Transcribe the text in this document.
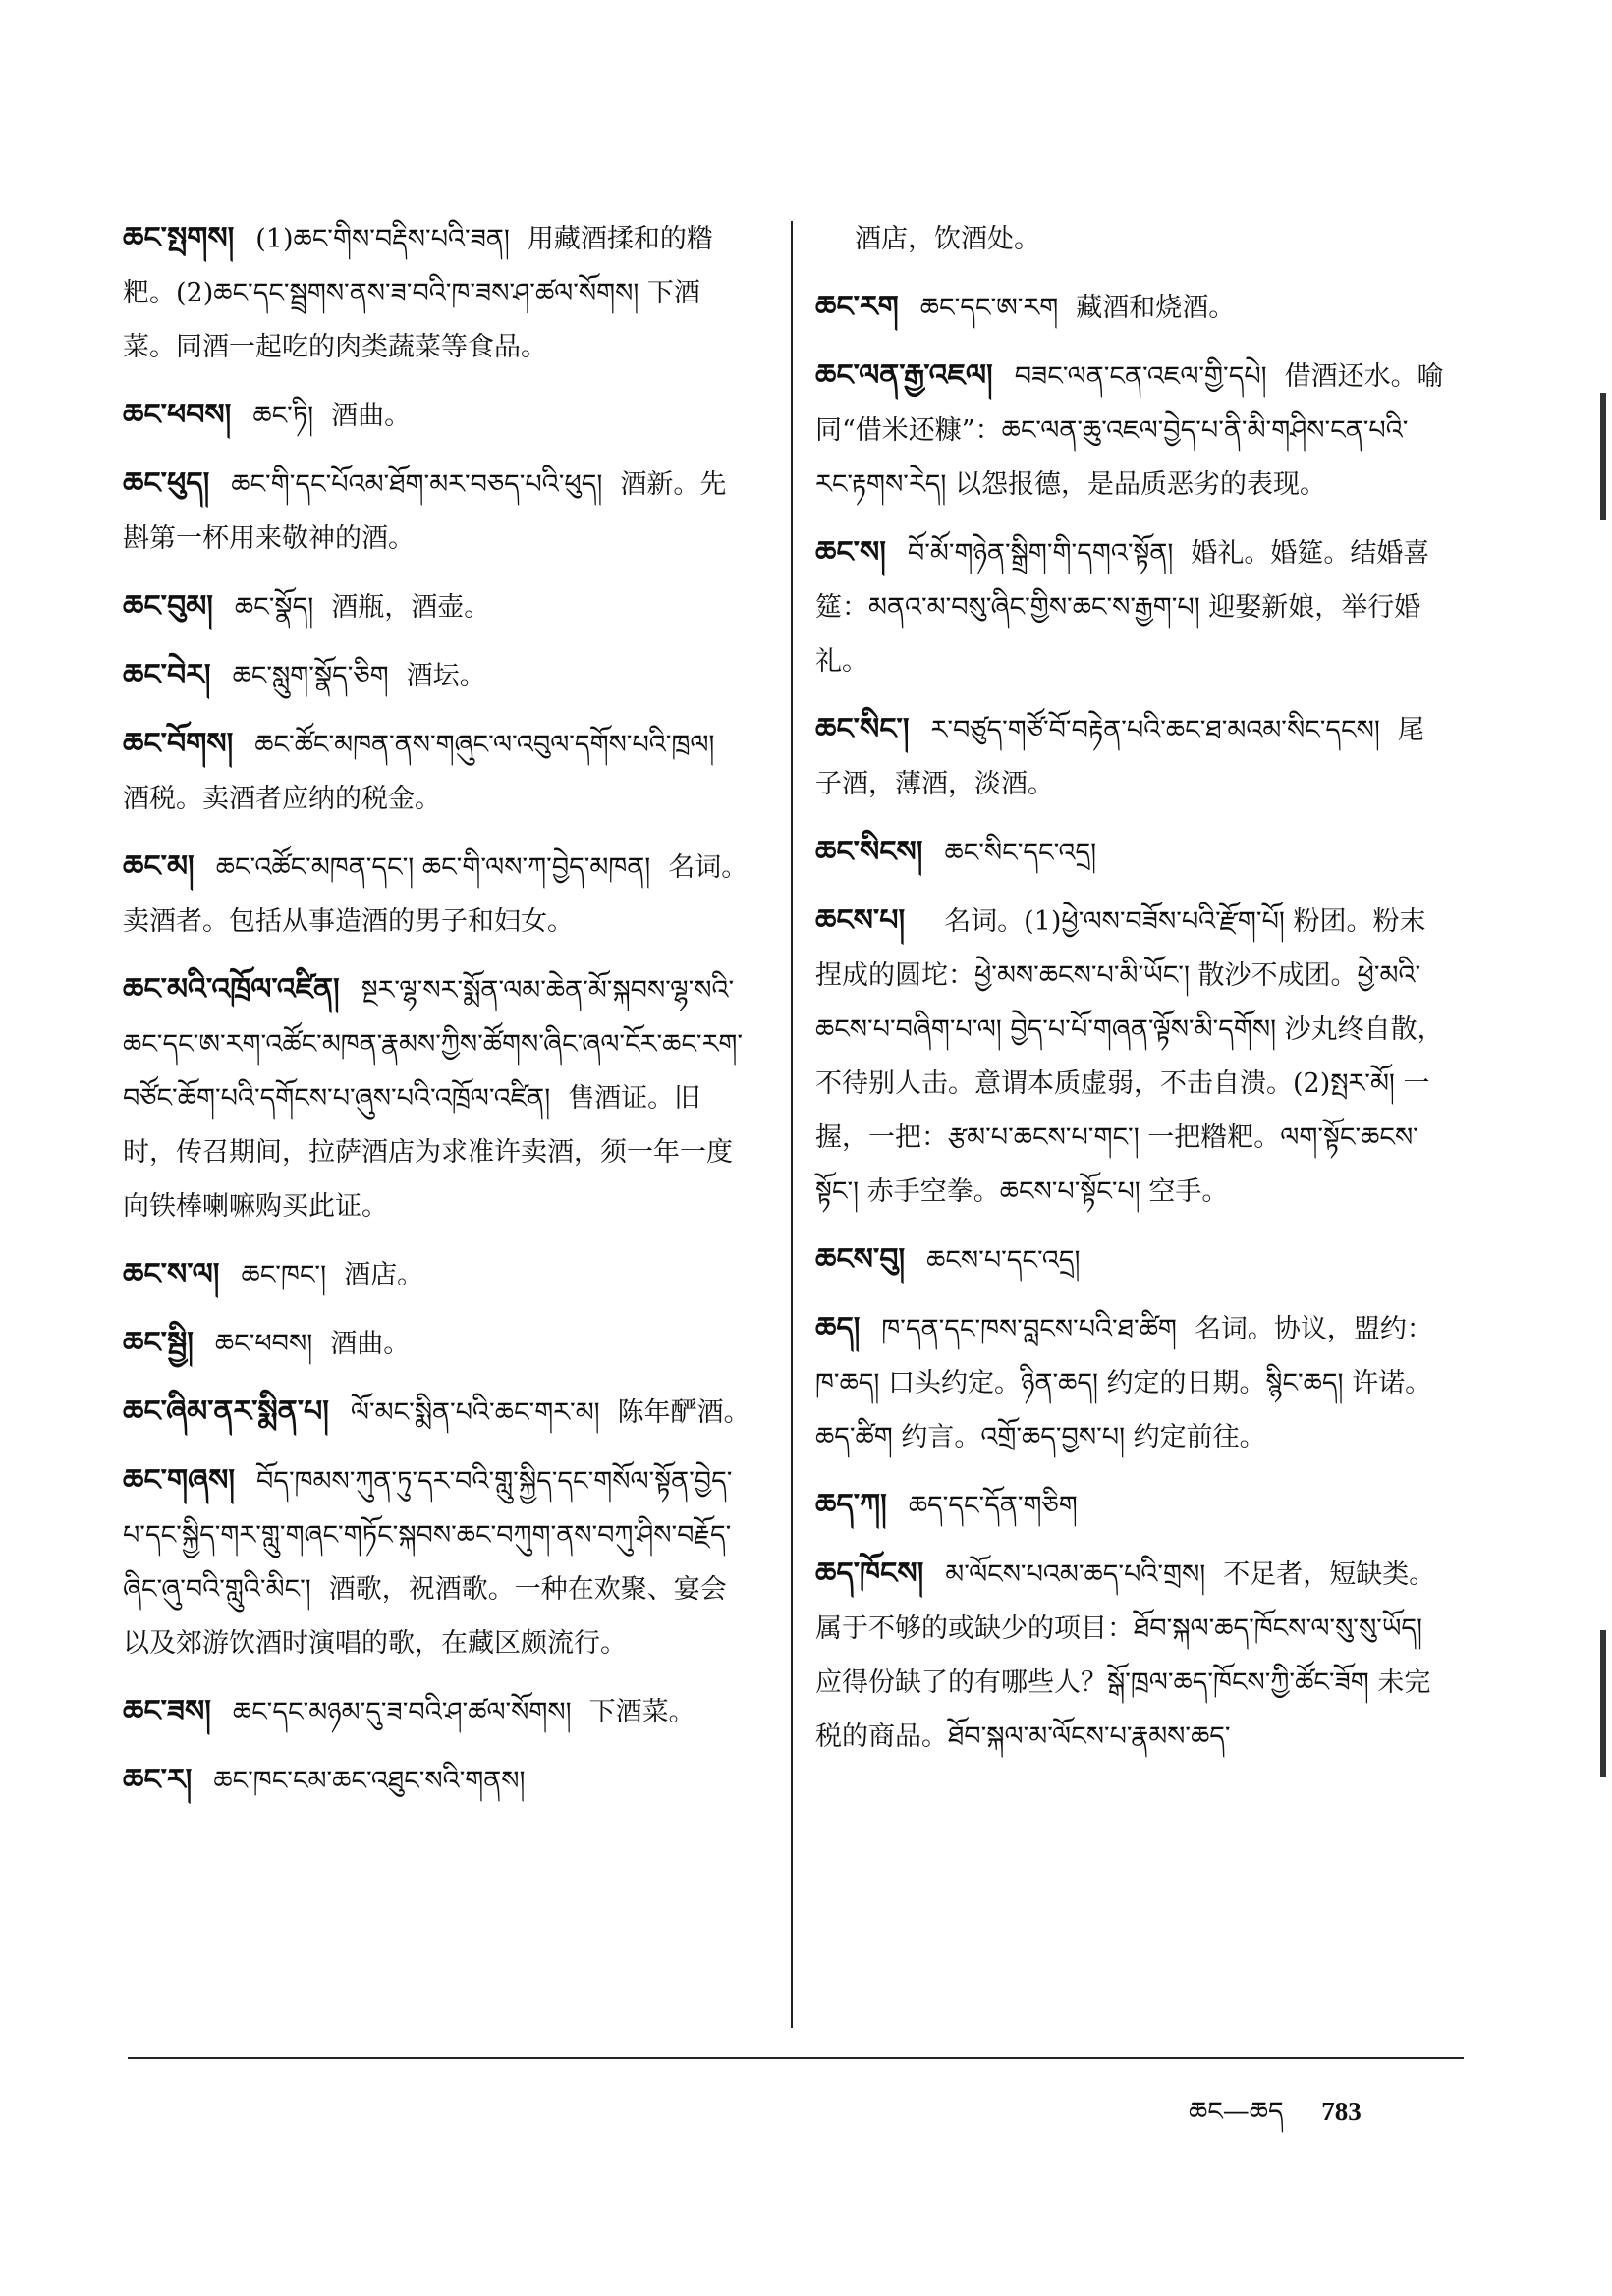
ཆང་སྤགས། (1)ཆང་གིས་བརྡིས་པའི་ཟན། 用藏酒揉和的糌粑。(2)ཆང་དང་སྦྲགས་ནས་ཟ་བའི་ཁ་ཟས་ཤ་ཚལ་སོགས། 下酒菜。同酒一起吃的肉类蔬菜等食品。
ཆང་ཕབས། ཆང་ཏི། 酒曲。
ཆང་ཕུད། ཆང་གི་དང་པོའམ་ཐོག་མར་བཅད་པའི་ཕུད། 酒新。先斟第一杯用来敬神的酒。
ཆང་བུམ། ཆང་སྣོད། 酒瓶，酒壶。
ཆང་བེར། ཆང་སླུག་སྣོད་ཅིག 酒坛。
ཆང་བོགས། ཆང་ཚོང་མཁན་ནས་གཞུང་ལ་འབུལ་དགོས་པའི་ཁྲལ།酒税。卖酒者应纳的税金。
ཆང་མ། ཆང་འཚོང་མཁན་དང་། ཆང་གི་ལས་ཀ་བྱེད་མཁན། 名词。卖酒者。包括从事造酒的男子和妇女。
ཆང་མའི་འཁྲོལ་འཛིན། སྔར་ལྷ་སར་སྨོན་ལམ་ཆེན་མོ་སྐབས་ལྷ་སའི་ཆང་དང་ཨ་རག་འཚོང་མཁན་རྣམས་ཀྱིས་ཚོགས་ཞིང་ཞལ་ངོར་ཆང་རག་བཙོང་ཆོག་པའི་དགོངས་པ་ཞུས་པའི་འཁྲོལ་འཛིན། 售酒证。旧时，传召期间，拉萨酒店为求准许卖酒，须一年一度向铁棒喇嘛购买此证。
ཆང་ས་ལ། ཆང་ཁང་། 酒店。
ཆང་སྦྱི། ཆང་ཕབས། 酒曲。
ཆང་ཞིམ་ནར་སྨིན་པ། ལོ་མང་སྨིན་པའི་ཆང་གར་མ། 陈年酽酒。
ཆང་གཞས། བོད་ཁམས་ཀུན་ཏུ་དར་བའི་གླུ་སྐྱིད་དང་གསོལ་སྟོན་བྱེད་པ་དང་སྐྱིད་གར་གླུ་གཞང་གཏོང་སྐབས་ཆང་བཀུག་ནས་བཀུ་ཤིས་བརྗོད་ཞིང་ཞུ་བའི་གླུའི་མིང་། 酒歌，祝酒歌。一种在欢聚、宴会以及郊游饮酒时演唱的歌，在藏区颇流行。
ཆང་ཟས། ཆང་དང་མཉམ་དུ་ཟ་བའི་ཤ་ཚལ་སོགས། 下酒菜。
ཆང་ར། ཆང་ཁང་ངམ་ཆང་འཐུང་སའི་གནས།
酒店，饮酒处。
ཆང་རག ཆང་དང་ཨ་རག 藏酒和烧酒。
ཆང་ལན་རྒྱ་འཇལ། བཟང་ལན་ངན་འཇལ་གྱི་དཔེ། 借酒还水。喻同“借米还糠”：ཆང་ལན་ཆུ་འཇལ་བྱེད་པ་ནི་མི་གཤིས་ངན་པའི་རང་རྟགས་རེད། 以怨报德，是品质恶劣的表现。
ཆང་ས། བོ་མོ་གཉེན་སྒྲིག་གི་དགའ་སྟོན། 婚礼。婚筵。结婚喜筵：མནའ་མ་བསུ་ཞིང་གྱིས་ཆང་ས་རྒྱག་པ། 迎娶新娘，举行婚礼。
ཆང་སིང་། ར་བཙུད་གཙོ་བོ་བརྟེན་པའི་ཆང་ཐ་མའམ་སིང་དངས། 尾子酒，薄酒，淡酒。
ཆང་སིངས། ཆང་སིང་དང་འདྲ།
ཆངས་པ། 名词。(1)ཕྱེ་ལས་བཟོས་པའི་རྫོག་པོ། 粉团。粉末捏成的圆坨：ཕྱེ་མས་ཆངས་པ་མི་ཡོང་། 散沙不成团。ཕྱེ་མའི་ཆངས་པ་བཞིག་པ་ལ། བྱེད་པ་པོ་གཞན་ལྟོས་མི་དགོས། 沙丸终自散，不待别人击。意谓本质虚弱，不击自溃。(2)སྤར་མོ། 一握，一把：རྩམ་པ་ཆངས་པ་གང་། 一把糌粑。ལག་སྟོང་ཆངས་སྟོང་། 赤手空拳。ཆངས་པ་སྟོང་པ། 空手。
ཆངས་བུ། ཆངས་པ་དང་འདྲ།
ཆད། ཁ་དན་དང་ཁས་བླངས་པའི་ཐ་ཚིག 名词。协议，盟约：ཁ་ཆད། 口头约定。ཉིན་ཆད། 约定的日期。སྙིང་ཆད། 许诺。ཆད་ཚིག 约言。འགྲོ་ཆད་བྱས་པ། 约定前往。
ཆད་ཀ། ཆད་དང་དོན་གཅིག
ཆད་ཁོངས། མ་ལོངས་པའམ་ཆད་པའི་གྲས། 不足者，短缺类。属于不够的或缺少的项目：ཐོབ་སྐལ་ཆད་ཁོངས་ལ་སུ་སུ་ཡོད། 应得份缺了的有哪些人？སྒོ་ཁྲལ་ཆད་ཁོངས་ཀྱི་ཚོང་ཟོག 未完税的商品。ཐོབ་སྐལ་མ་ལོངས་པ་རྣམས་ཆད་
ཆང—ཆད 783
